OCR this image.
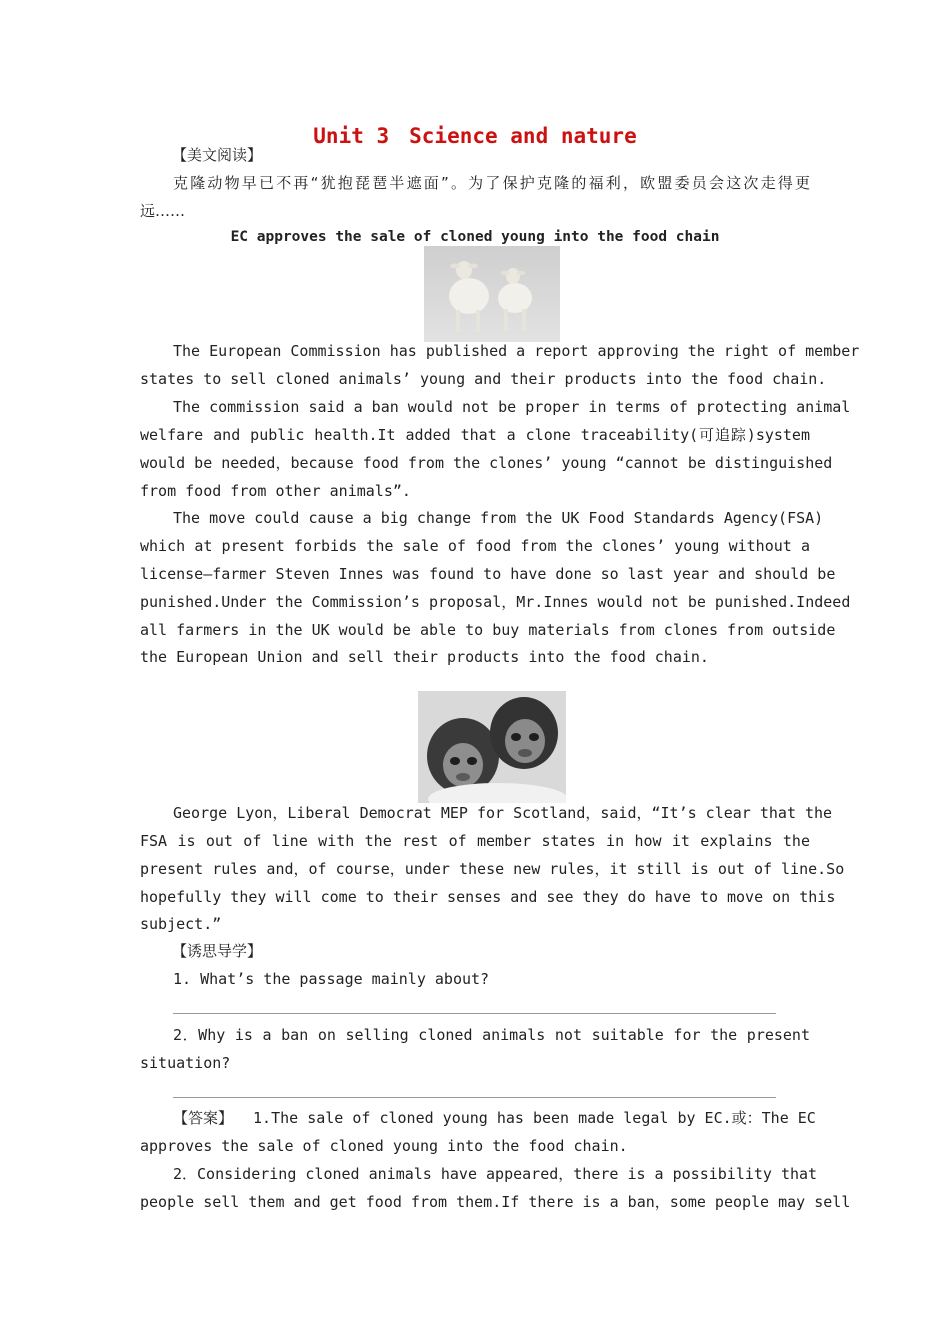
Unit 3 Science and nature
【美文阅读】
克隆动物早已不再“犹抱琵琶半遮面”。为了保护克隆的福利，欧盟委员会这次走得更
远……
EC approves the sale of cloned young into the food chain
The European Commission has published a report approving the right of member
states to sell cloned animals’ young and their products into the food chain.
The commission said a ban would not be proper in terms of protecting animal
welfare and public health.It added that a clone traceability(可追踪)system
would be needed，because food from the clones’ young “cannot be distinguished
from food from other animals”.
The move could cause a big change from the UK Food Standards Agency(FSA)
which at present forbids the sale of food from the clones’ young without a
license—farmer Steven Innes was found to have done so last year and should be
punished.Under the Commission’s proposal，Mr.Innes would not be punished.Indeed
all farmers in the UK would be able to buy materials from clones from outside
the European Union and sell their products into the food chain.
George Lyon，Liberal Democrat MEP for Scotland，said，“It’s clear that the
FSA is out of line with the rest of member states in how it explains the
present rules and，of course，under these new rules，it still is out of line.So
hopefully they will come to their senses and see they do have to move on this
subject.”
【诱思导学】
1. What’s the passage mainly about?
2．Why is a ban on selling cloned animals not suitable for the present
situation?
【答案】 1.The sale of cloned young has been made legal by EC.或：The EC
approves the sale of cloned young into the food chain.
2．Considering cloned animals have appeared，there is a possibility that
people sell them and get food from them.If there is a ban，some people may sell
